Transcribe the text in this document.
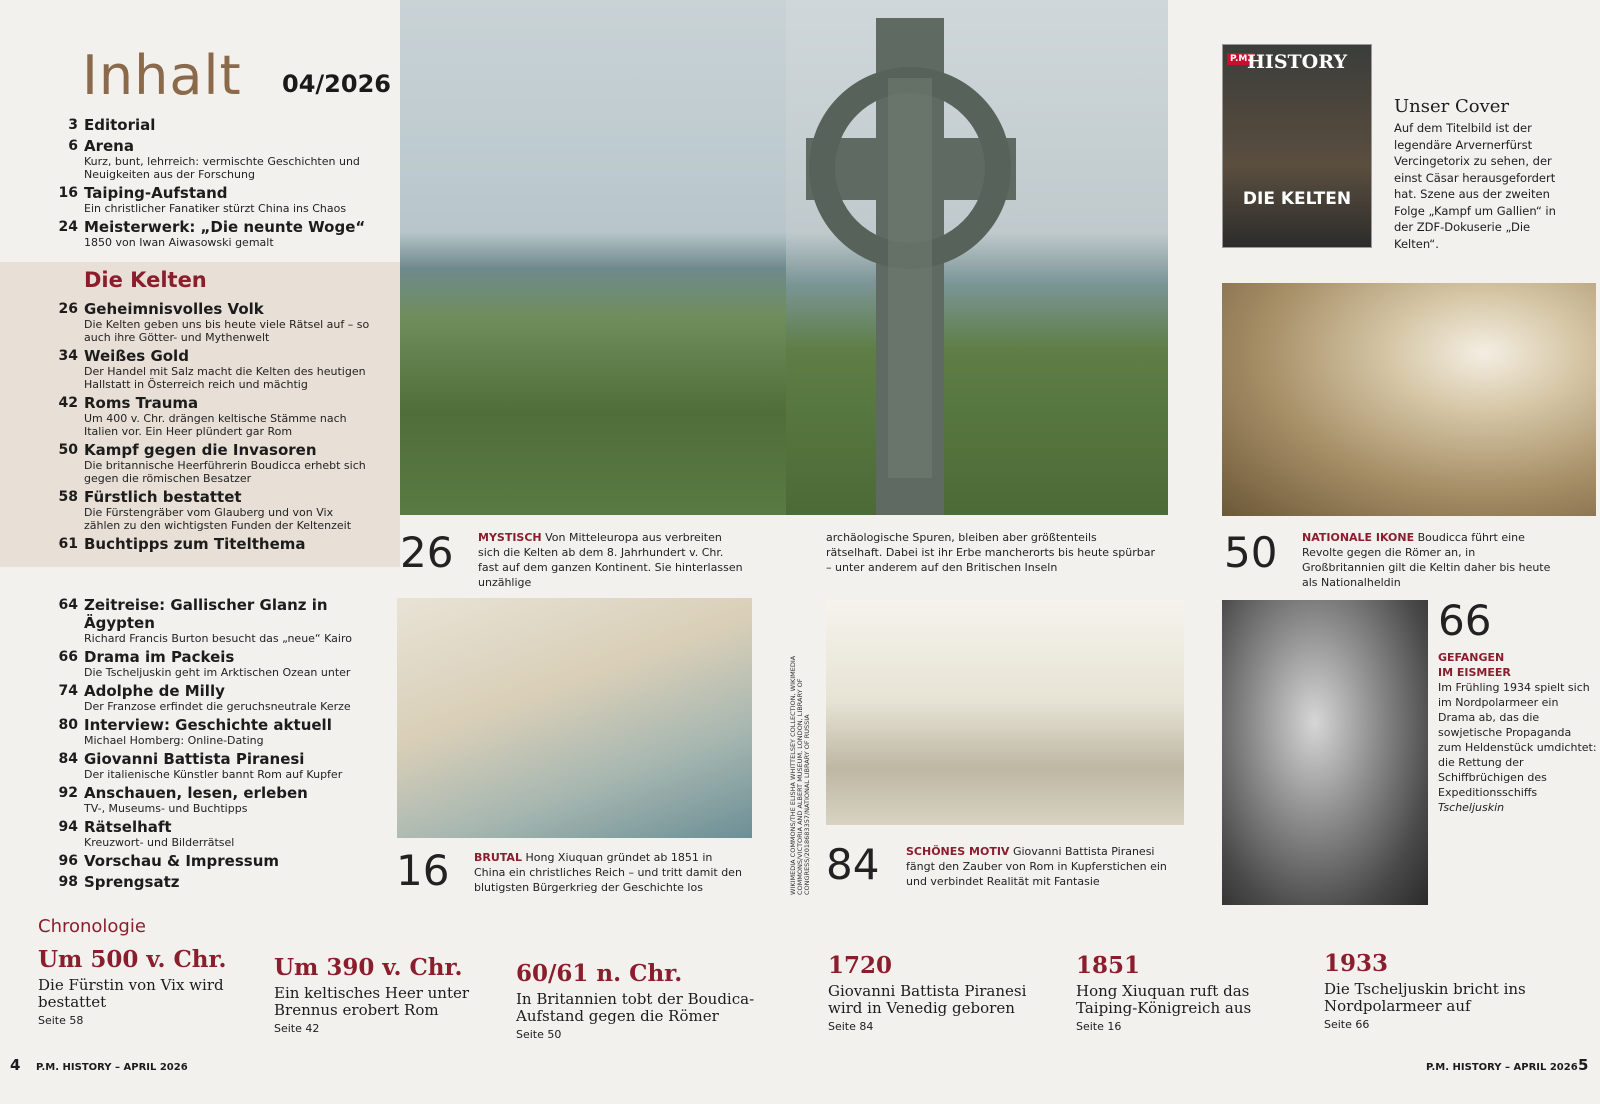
Inhalt 04/2026
3 Editorial
6 Arena
Kurz, bunt, lehrreich: vermischte Geschichten und Neuigkeiten aus der Forschung
16 Taiping-Aufstand
Ein christlicher Fanatiker stürzt China ins Chaos
24 Meisterwerk: „Die neunte Woge“
1850 von Iwan Aiwasowski gemalt
Die Kelten
26 Geheimnisvolles Volk
Die Kelten geben uns bis heute viele Rätsel auf – so auch ihre Götter- und Mythenwelt
34 Weißes Gold
Der Handel mit Salz macht die Kelten des heutigen Hallstatt in Österreich reich und mächtig
42 Roms Trauma
Um 400 v. Chr. drängen keltische Stämme nach Italien vor. Ein Heer plündert gar Rom
50 Kampf gegen die Invasoren
Die britannische Heerführerin Boudicca erhebt sich gegen die römischen Besatzer
58 Fürstlich bestattet
Die Fürstengräber vom Glauberg und von Vix zählen zu den wichtigsten Funden der Keltenzeit
61 Buchtipps zum Titelthema
64 Zeitreise: Gallischer Glanz in Ägypten
Richard Francis Burton besucht das „neue“ Kairo
66 Drama im Packeis
Die Tscheljuskin geht im Arktischen Ozean unter
74 Adolphe de Milly
Der Franzose erfindet die geruchsneutrale Kerze
80 Interview: Geschichte aktuell
Michael Homberg: Online-Dating
84 Giovanni Battista Piranesi
Der italienische Künstler bannt Rom auf Kupfer
92 Anschauen, lesen, erleben
TV-, Museums- und Buchtipps
94 Rätselhaft
Kreuzwort- und Bilderrätsel
96 Vorschau & Impressum
98 Sprengsatz
26 MYSTISCH Von Mitteleuropa aus verbreiten sich die Kelten ab dem 8. Jahrhundert v. Chr. fast auf dem ganzen Kontinent. Sie hinterlassen unzählige
archäologische Spuren, bleiben aber größtenteils rätselhaft. Dabei ist ihr Erbe mancherorts bis heute spürbar – unter anderem auf den Britischen Inseln
P.M.
HISTORY
DIE KELTEN
Unser Cover
Auf dem Titelbild ist der legendäre Arvernerfürst Vercingetorix zu sehen, der einst Cäsar herausgefordert hat. Szene aus der zweiten Folge „Kampf um Gallien“ in der ZDF-Dokuserie „Die Kelten“.
50 NATIONALE IKONE Boudicca führt eine Revolte gegen die Römer an, in Großbritannien gilt die Keltin daher bis heute als Nationalheldin
16 BRUTAL Hong Xiuquan gründet ab 1851 in China ein christliches Reich – und tritt damit den blutigsten Bürgerkrieg der Geschichte los	WIKIMEDIA COMMONS/THE ELISHA WHITTELSEY COLLECTION, WIKIMEDIA COMMONS/VICTORIA AND ALBERT MUSEUM, LONDON, LIBRARY OF CONGRESS/2018683357/NATIONAL LIBRARY OF RUSSIA 84 SCHÖNES MOTIV Giovanni Battista Piranesi fängt den Zauber von Rom in Kupferstichen ein und verbindet Realität mit Fantasie
66
GEFANGEN
IM EISMEER
Im Frühling 1934 spielt sich im Nordpolarmeer ein Drama ab, das die sowjetische Propaganda zum Heldenstück umdichtet: die Rettung der Schiffbrüchigen des Expeditionsschiffs
Tscheljuskin
Chronologie
Um 500 v. Chr.
Die Fürstin von Vix wird bestattet
Seite 58
Um 390 v. Chr.
Ein keltisches Heer unter Brennus erobert Rom
Seite 42
60/61 n. Chr.
In Britannien tobt der Boudica-Aufstand gegen die Römer
Seite 50
1720
Giovanni Battista Piranesi wird in Venedig geboren
Seite 84
1851
Hong Xiuquan ruft das Taiping-Königreich aus
Seite 16
1933
Die Tscheljuskin bricht ins Nordpolarmeer auf
Seite 66
4 P.M. HISTORY – APRIL 2026	P.M. HISTORY – APRIL 2026 5
